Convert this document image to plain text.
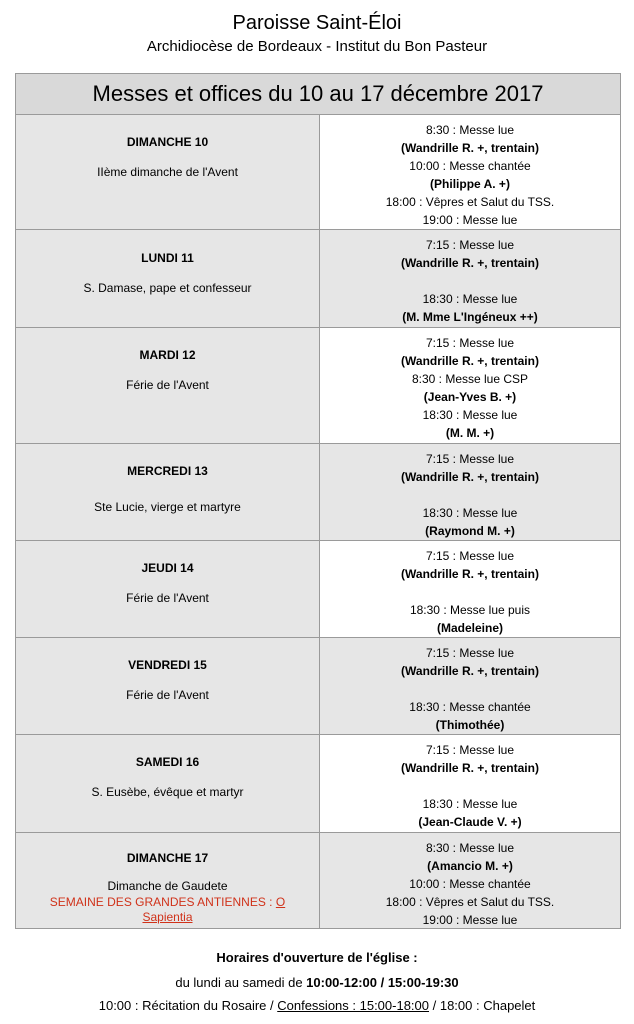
Paroisse Saint-Éloi
Archidiocèse de Bordeaux - Institut du Bon Pasteur
Messes et offices du 10 au 17 décembre 2017
DIMANCHE 10
IIème dimanche de l'Avent
8:30 : Messe lue
(Wandrille R. +, trentain)
10:00 : Messe chantée
(Philippe A. +)
18:00 : Vêpres et Salut du TSS.
19:00 : Messe lue
LUNDI 11
S. Damase, pape et confesseur
7:15 : Messe lue
(Wandrille R. +, trentain)
18:30 : Messe lue
(M. Mme L'Ingéneux ++)
MARDI 12
Férie de l'Avent
7:15 : Messe lue
(Wandrille R. +, trentain)
8:30 : Messe lue CSP
(Jean-Yves B. +)
18:30 : Messe lue
(M. M. +)
MERCREDI 13
Ste Lucie, vierge et martyre
7:15 : Messe lue
(Wandrille R. +, trentain)
18:30 : Messe lue
(Raymond M. +)
JEUDI 14
Férie de l'Avent
7:15 : Messe lue
(Wandrille R. +, trentain)
18:30 : Messe lue puis
(Madeleine)
VENDREDI 15
Férie de l'Avent
7:15 : Messe lue
(Wandrille R. +, trentain)
18:30 : Messe chantée
(Thimothée)
SAMEDI 16
S. Eusèbe, évêque et martyr
7:15 : Messe lue
(Wandrille R. +, trentain)
18:30 : Messe lue
(Jean-Claude V. +)
DIMANCHE 17
Dimanche de Gaudete
SEMAINE DES GRANDES ANTIENNES : O Sapientia
8:30 : Messe lue
(Amancio M. +)
10:00 : Messe chantée
18:00 : Vêpres et Salut du TSS.
19:00 : Messe lue
Horaires d'ouverture de l'église :
du lundi au samedi de 10:00-12:00 / 15:00-19:30
10:00 : Récitation du Rosaire / Confessions : 15:00-18:00 / 18:00 : Chapelet
